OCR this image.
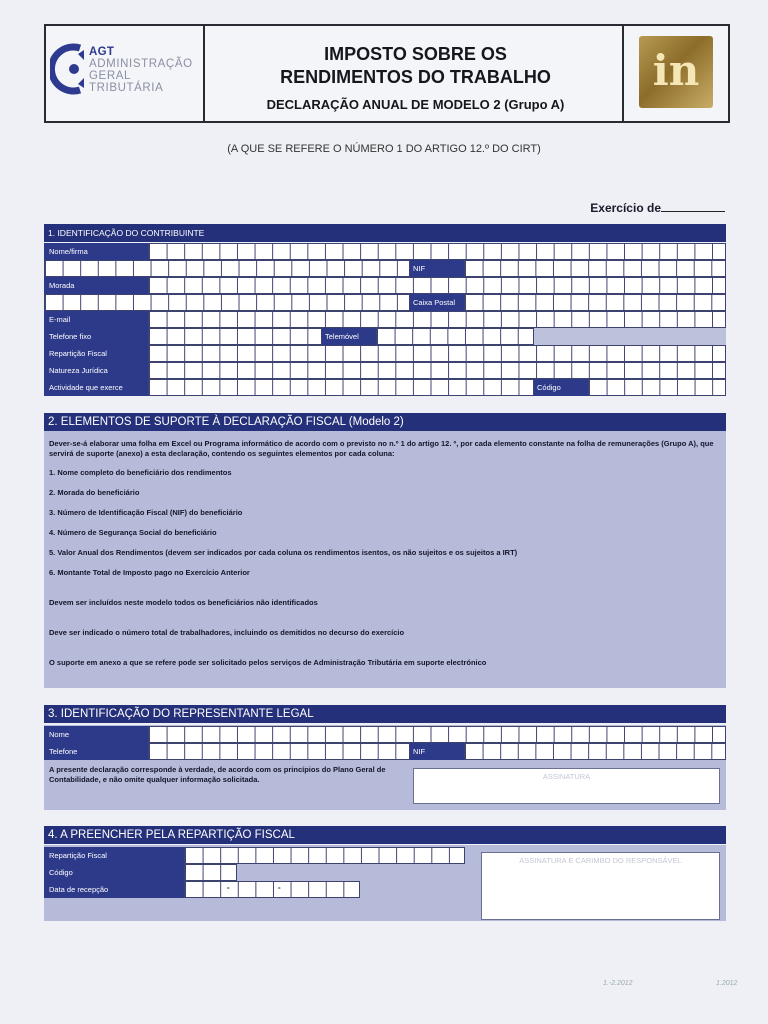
AGT
ADMINISTRAÇÃO
GERAL
TRIBUTÁRIA
IMPOSTO SOBRE OS
RENDIMENTOS DO TRABALHO
DECLARAÇÃO ANUAL DE MODELO 2 (Grupo A)
in
(A QUE SE REFERE O NÚMERO 1 DO ARTIGO 12.º DO CIRT)
Exercício de
1. IDENTIFICAÇÃO DO CONTRIBUINTE
Nome/firma
NIF
Morada
Caixa Postal
E-mail
Telefone fixo	Telemóvel
Repartição Fiscal
Natureza Jurídica
Actividade que exerce	Código
2. ELEMENTOS DE SUPORTE À DECLARAÇÃO FISCAL (Modelo 2)

Dever-se-á elaborar uma folha em Excel ou Programa informático de acordo com o previsto no n.º 1 do artigo 12. º, por cada elemento constante na folha de remunerações (Grupo A), que servirá de suporte (anexo) a esta declaração, contendo os seguintes elementos por cada coluna:

1. Nome completo do beneficiário dos rendimentos

2. Morada do beneficiário

3. Número de Identificação Fiscal (NIF) do beneficiário

4. Número de Segurança Social do beneficiário

5. Valor Anual dos Rendimentos (devem ser indicados por cada coluna os rendimentos isentos, os não sujeitos e os sujeitos a IRT)

6. Montante Total de Imposto pago no Exercício Anterior

Devem ser incluídos neste modelo todos os beneficiários não identificados

Deve ser indicado o número total de trabalhadores, incluindo os demitidos no decurso do exercício

O suporte em anexo a que se refere pode ser solicitado pelos serviços de Administração Tributária em suporte electrónico

3. IDENTIFICAÇÃO DO REPRESENTANTE LEGAL
Nome
Telefone	NIF
A presente declaração corresponde à verdade, de acordo com os princípios do Plano Geral de Contabilidade, e não omite qualquer informação solicitada.	ASSINATURA
4. A PREENCHER PELA REPARTIÇÃO FISCAL
Repartição Fiscal
Código
Data de recepção	-	-
ASSINATURA E CARIMBO DO RESPONSÁVEL
1.-2.2012	1.2012
